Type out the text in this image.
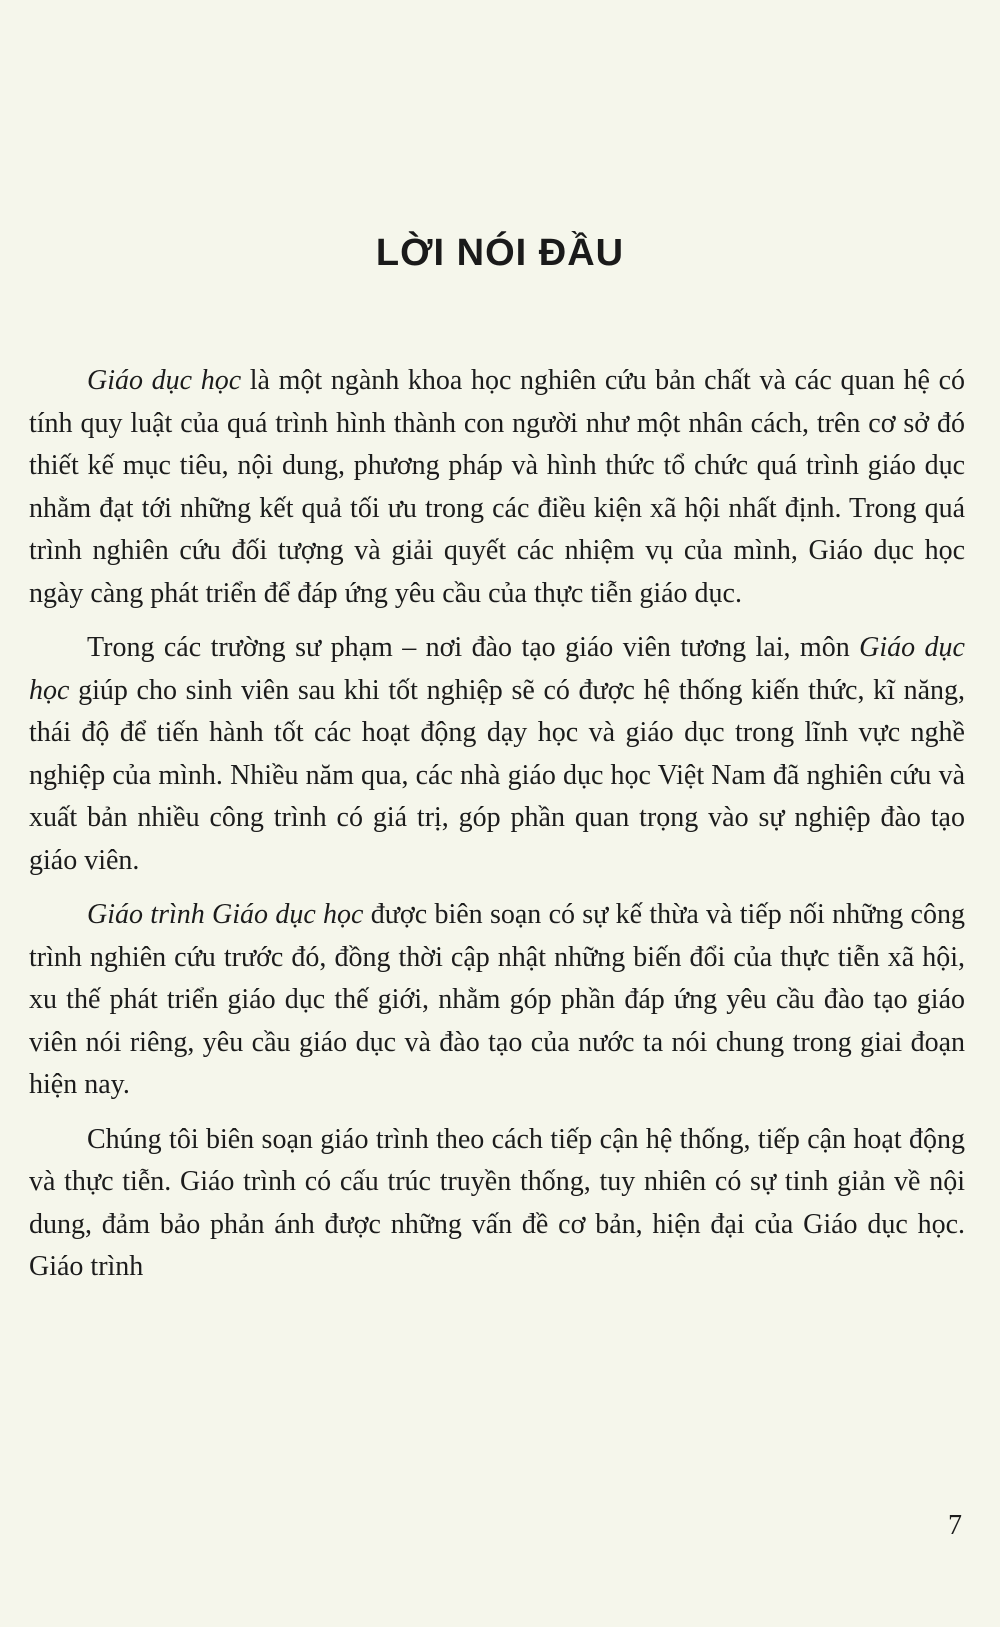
LỜI NÓI ĐẦU

Giáo dục học là một ngành khoa học nghiên cứu bản chất và các quan hệ có tính quy luật của quá trình hình thành con người như một nhân cách, trên cơ sở đó thiết kế mục tiêu, nội dung, phương pháp và hình thức tổ chức quá trình giáo dục nhằm đạt tới những kết quả tối ưu trong các điều kiện xã hội nhất định. Trong quá trình nghiên cứu đối tượng và giải quyết các nhiệm vụ của mình, Giáo dục học ngày càng phát triển để đáp ứng yêu cầu của thực tiễn giáo dục.

Trong các trường sư phạm – nơi đào tạo giáo viên tương lai, môn Giáo dục học giúp cho sinh viên sau khi tốt nghiệp sẽ có được hệ thống kiến thức, kĩ năng, thái độ để tiến hành tốt các hoạt động dạy học và giáo dục trong lĩnh vực nghề nghiệp của mình. Nhiều năm qua, các nhà giáo dục học Việt Nam đã nghiên cứu và xuất bản nhiều công trình có giá trị, góp phần quan trọng vào sự nghiệp đào tạo giáo viên.

Giáo trình Giáo dục học được biên soạn có sự kế thừa và tiếp nối những công trình nghiên cứu trước đó, đồng thời cập nhật những biến đổi của thực tiễn xã hội, xu thế phát triển giáo dục thế giới, nhằm góp phần đáp ứng yêu cầu đào tạo giáo viên nói riêng, yêu cầu giáo dục và đào tạo của nước ta nói chung trong giai đoạn hiện nay.

Chúng tôi biên soạn giáo trình theo cách tiếp cận hệ thống, tiếp cận hoạt động và thực tiễn. Giáo trình có cấu trúc truyền thống, tuy nhiên có sự tinh giản về nội dung, đảm bảo phản ánh được những vấn đề cơ bản, hiện đại của Giáo dục học. Giáo trình

7
